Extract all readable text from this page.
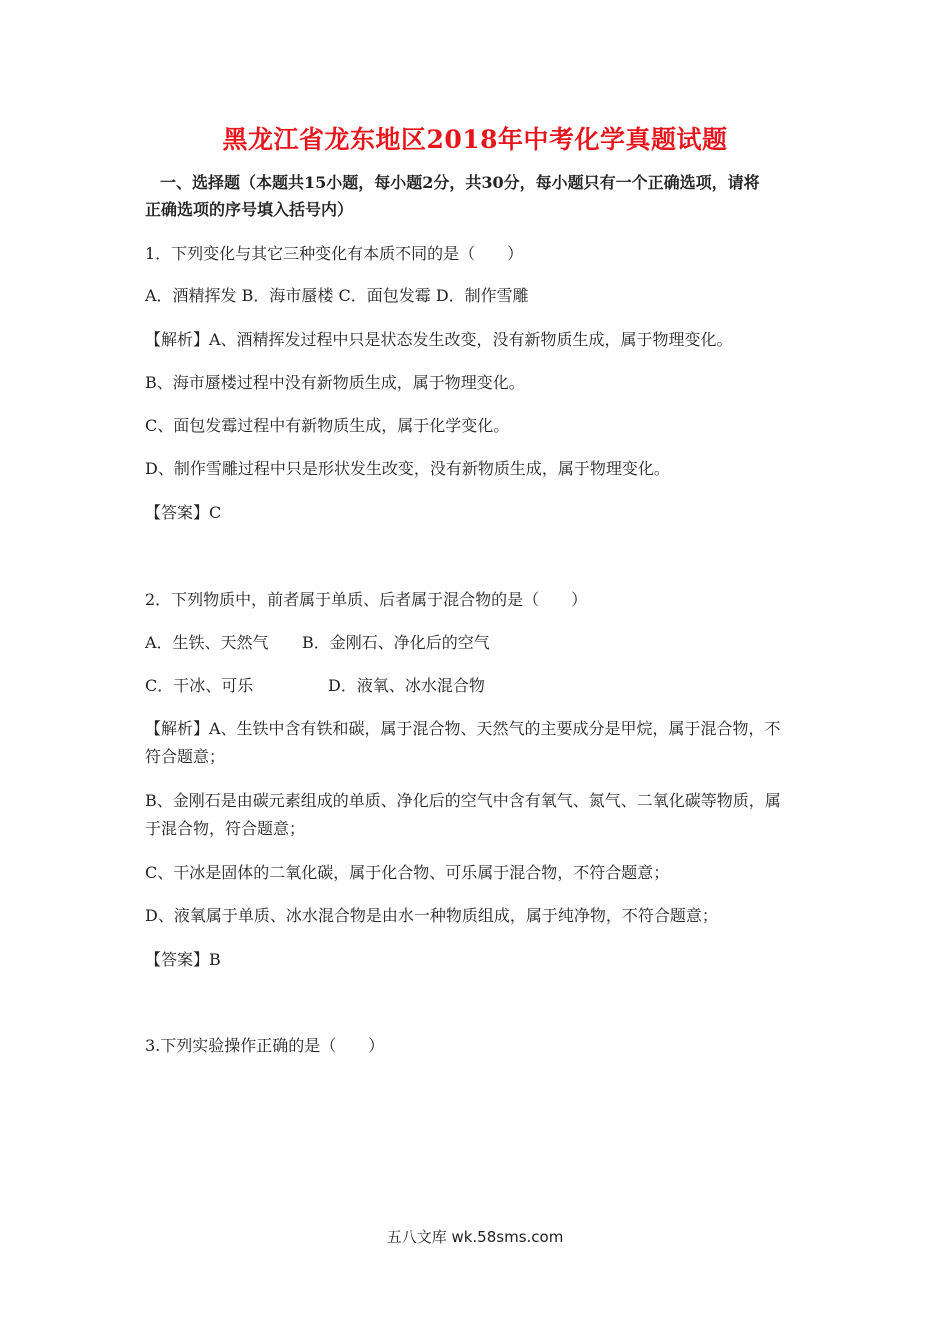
黑龙江省龙东地区2018年中考化学真题试题
一、选择题（本题共15小题，每小题2分，共30分，每小题只有一个正确选项，请将
正确选项的序号填入括号内）
1．下列变化与其它三种变化有本质不同的是（　　）
A．酒精挥发 B．海市蜃楼 C．面包发霉 D．制作雪雕
【解析】A、酒精挥发过程中只是状态发生改变，没有新物质生成，属于物理变化。
B、海市蜃楼过程中没有新物质生成，属于物理变化。
C、面包发霉过程中有新物质生成，属于化学变化。
D、制作雪雕过程中只是形状发生改变，没有新物质生成，属于物理变化。
【答案】C
2．下列物质中，前者属于单质、后者属于混合物的是（　　）
A．生铁、天然气 B．金刚石、净化后的空气
C．干冰、可乐	D．液氧、冰水混合物
【解析】A、生铁中含有铁和碳，属于混合物、天然气的主要成分是甲烷，属于混合物，不
符合题意；
B、金刚石是由碳元素组成的单质、净化后的空气中含有氧气、氮气、二氧化碳等物质，属
于混合物，符合题意；
C、干冰是固体的二氧化碳，属于化合物、可乐属于混合物，不符合题意；
D、液氧属于单质、冰水混合物是由水一种物质组成，属于纯净物，不符合题意；
【答案】B
3.下列实验操作正确的是（　　）
五八文库 wk.58sms.com
